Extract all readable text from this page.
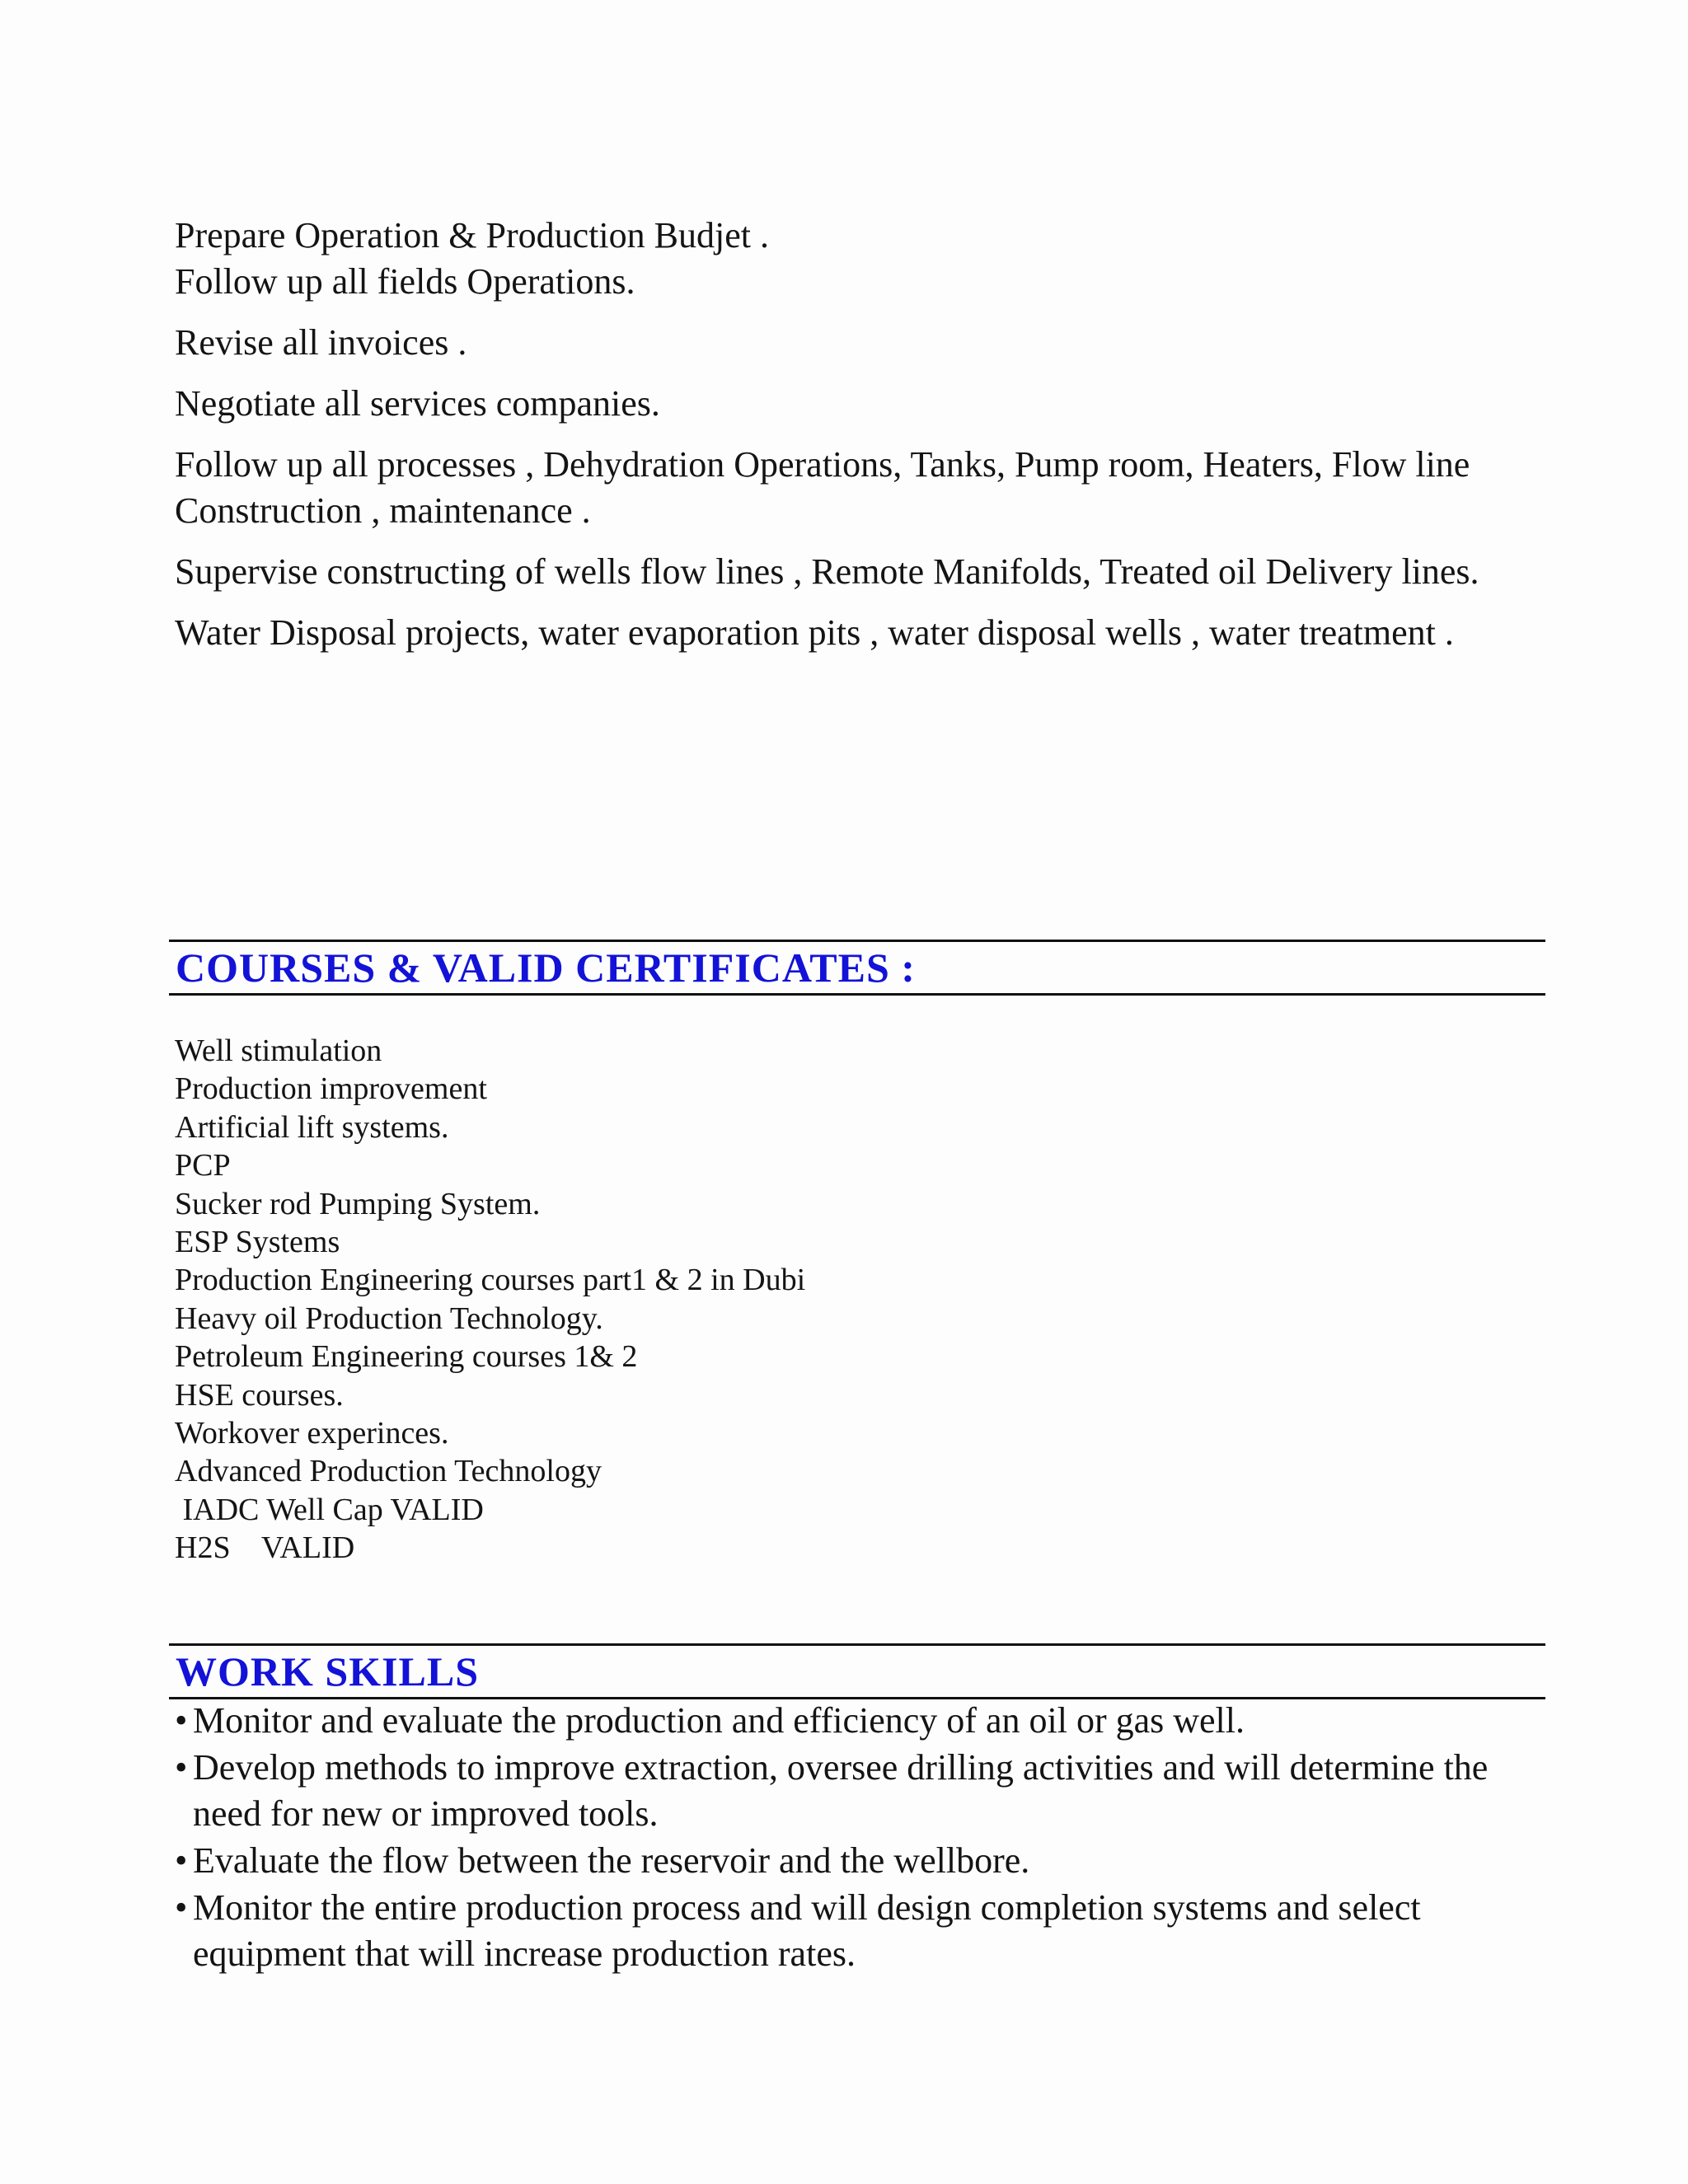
Prepare Operation & Production Budjet .
Follow up all fields Operations.
Revise all invoices .
Negotiate all services companies.
Follow up all processes , Dehydration Operations, Tanks, Pump room, Heaters, Flow line Construction , maintenance .
Supervise constructing of wells flow lines , Remote Manifolds, Treated oil Delivery lines.
Water Disposal projects, water evaporation pits , water disposal wells , water treatment .
COURSES & VALID CERTIFICATES :
Well stimulation
Production improvement
Artificial lift systems.
PCP
Sucker rod Pumping System.
ESP Systems
Production Engineering courses part1 & 2 in Dubi
Heavy oil Production Technology.
Petroleum Engineering courses 1& 2
HSE courses.
Workover experinces.
Advanced Production Technology
IADC Well Cap VALID
H2S    VALID
WORK SKILLS
• Monitor and evaluate the production and efficiency of an oil or gas well.
• Develop methods to improve extraction, oversee drilling activities and will determine the need for new or improved tools.
• Evaluate the flow between the reservoir and the wellbore.
• Monitor the entire production process and will design completion systems and select equipment that will increase production rates.
